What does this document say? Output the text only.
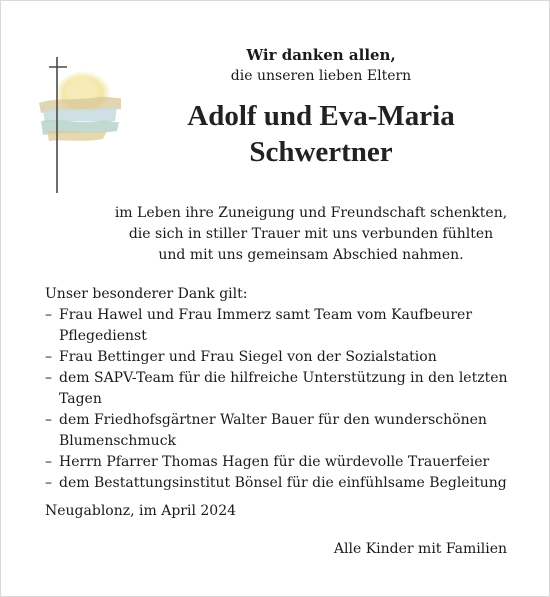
Wir danken allen,
die unseren lieben Eltern
Adolf und Eva-Maria
Schwertner
im Leben ihre Zuneigung und Freundschaft schenkten,
die sich in stiller Trauer mit uns verbunden fühlten
und mit uns gemeinsam Abschied nahmen.
Unser besonderer Dank gilt:
– Frau Hawel und Frau Immerz samt Team vom Kaufbeurer Pflegedienst
– Frau Bettinger und Frau Siegel von der Sozialstation
– dem SAPV-Team für die hilfreiche Unterstützung in den letzten Tagen
– dem Friedhofsgärtner Walter Bauer für den wunderschönen Blumenschmuck
– Herrn Pfarrer Thomas Hagen für die würdevolle Trauerfeier
– dem Bestattungsinstitut Bönsel für die einfühlsame Begleitung
Neugablonz, im April 2024
Alle Kinder mit Familien
